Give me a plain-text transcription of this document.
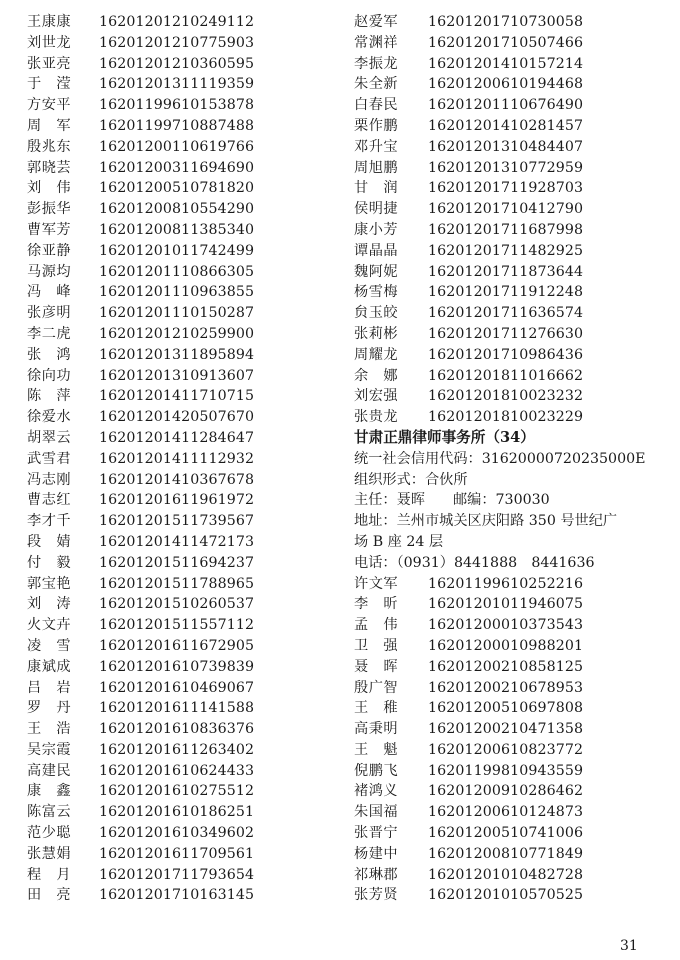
王康康 16201201210249112
刘世龙 16201201210775903
张亚亮 16201201210360595
于　滢 16201201311119359
方安平 16201199610153878
周　军 16201199710887488
殷兆东 16201200110619766
郭晓芸 16201200311694690
刘　伟 16201200510781820
彭振华 16201200810554290
曹军芳 16201200811385340
徐亚静 16201201011742499
马源均 16201201110866305
冯　峰 16201201110963855
张彦明 16201201110150287
李二虎 16201201210259900
张　鸿 16201201311895894
徐向功 16201201310913607
陈　萍 16201201411710715
徐爱水 16201201420507670
胡翠云 16201201411284647
武雪君 16201201411112932
冯志刚 16201201410367678
曹志红 16201201611961972
李才千 16201201511739567
段　婧 16201201411472173
付　毅 16201201511694237
郭宝艳 16201201511788965
刘　涛 16201201510260537
火文卉 16201201511557112
凌　雪 16201201611672905
康斌成 16201201610739839
吕　岩 16201201610469067
罗　丹 16201201611141588
王　浩 16201201610836376
吴宗霞 16201201611263402
高建民 16201201610624433
康　鑫 16201201610275512
陈富云 16201201610186251
范少聪 16201201610349602
张慧娟 16201201611709561
程　月 16201201711793654
田　亮 16201201710163145
赵爱军 16201201710730058
常渊祥 16201201710507466
李振龙 16201201410157214
朱全新 16201200610194468
白春民 16201201110676490
栗作鹏 16201201410281457
邓升宝 16201201310484407
周旭鹏 16201201310772959
甘　润 16201201711928703
侯明捷 16201201710412790
康小芳 16201201711687998
谭晶晶 16201201711482925
魏阿妮 16201201711873644
杨雪梅 16201201711912248
贠玉皎 16201201711636574
张莉彬 16201201711276630
周耀龙 16201201710986436
余　娜 16201201811016662
刘宏强 16201201810023232
张贵龙 16201201810023229
甘肃正鼎律师事务所（34）
统一社会信用代码：31620000720235000E
组织形式：合伙所
主任：聂晖 邮编：730030
地址：兰州市城关区庆阳路 350 号世纪广
场 B 座 24 层
电话：（0931）8441888　8441636
许文军 16201199610252216
李　昕 16201201011946075
孟　伟 16201200010373543
卫　强 16201200010988201
聂　晖 16201200210858125
殷广智 16201200210678953
王　稚 16201200510697808
高秉明 16201200210471358
王　魁 16201200610823772
倪鹏飞 16201199810943559
褚鸿义 16201200910286462
朱国福 16201200610124873
张晋宁 16201200510741006
杨建中 16201200810771849
祁琳郡 16201201010482728
张芳贤 16201201010570525
31
